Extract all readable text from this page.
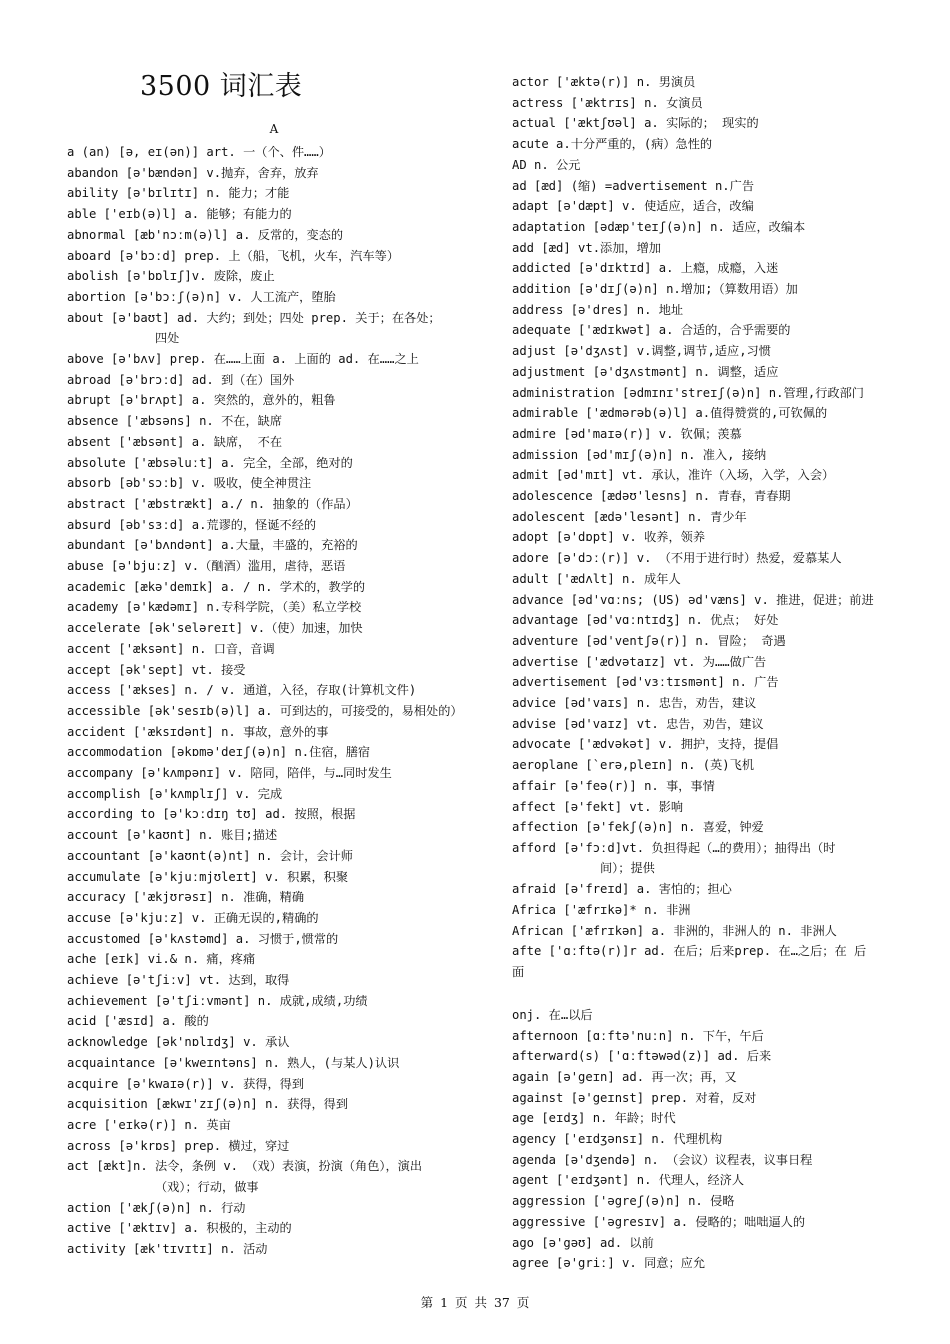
3500 词汇表
A
a (an) [ə, eɪ(ən)] art. 一（个、件……）
abandon [ə'bændən] v.抛弃，舍弃，放弃
ability [ə'bɪlɪtɪ] n. 能力；才能
able ['eɪb(ə)l] a. 能够；有能力的
abnormal [æb'nɔːm(ə)l] a. 反常的，变态的
aboard [ə'bɔːd] prep. 上（船，飞机，火车，汽车等）
abolish [ə'bɒlɪʃ]v. 废除，废止
abortion [ə'bɔːʃ(ə)n] v. 人工流产，堕胎
about [ə'baʊt] ad. 大约；到处；四处 prep. 关于；在各处；
四处
above [ə'bʌv] prep. 在……上面 a. 上面的 ad. 在……之上
abroad [ə'brɔːd] ad. 到（在）国外
abrupt [ə'brʌpt] a. 突然的，意外的，粗鲁
absence ['æbsəns] n. 不在，缺席
absent ['æbsənt] a. 缺席， 不在
absolute ['æbsəluːt] a. 完全，全部，绝对的
absorb [əb'sɔːb] v. 吸收，使全神贯注
abstract ['æbstrækt] a./ n. 抽象的（作品）
absurd [əb'sɜːd] a.荒谬的，怪诞不经的
abundant [ə'bʌndənt] a.大量，丰盛的，充裕的
abuse [ə'bjuːz] v.（酗酒）滥用，虐待，恶语
academic [ækə'demɪk] a. / n. 学术的，教学的
academy [ə'kædəmɪ] n.专科学院，（美）私立学校
accelerate [ək'seləreɪt] v.（使）加速，加快
accent ['æksənt] n. 口音，音调
accept [ək'sept] vt. 接受
access ['ækses] n. / v. 通道，入径，存取(计算机文件)
accessible [ək'sesɪb(ə)l] a. 可到达的，可接受的，易相处的）
accident ['æksɪdənt] n. 事故，意外的事
accommodation [əkɒmə'deɪʃ(ə)n] n.住宿，膳宿
accompany [ə'kʌmpənɪ] v. 陪同，陪伴，与…同时发生
accomplish [ə'kʌmplɪʃ] v. 完成
according to [ə'kɔːdɪŋ tʊ] ad. 按照，根据
account [ə'kaʊnt] n. 账目;描述
accountant [ə'kaʊnt(ə)nt] n. 会计，会计师
accumulate [ə'kjuːmjʊleɪt] v. 积累，积聚
accuracy ['ækjʊrəsɪ] n. 准确，精确
accuse [ə'kjuːz] v. 正确无误的,精确的
accustomed [ə'kʌstəmd] a. 习惯于,惯常的
ache [eɪk] vi.& n. 痛，疼痛
achieve [ə'tʃiːv] vt. 达到，取得
achievement [ə'tʃiːvmənt] n. 成就,成绩,功绩
acid ['æsɪd] a. 酸的
acknowledge [ək'nɒlɪdʒ] v. 承认
acquaintance [ə'kweɪntəns] n. 熟人，(与某人)认识
acquire [ə'kwaɪə(r)] v. 获得，得到
acquisition [ækwɪ'zɪʃ(ə)n] n. 获得，得到
acre ['eɪkə(r)] n. 英亩
across [ə'krɒs] prep. 横过，穿过
act [ækt]n. 法令，条例 v. （戏）表演，扮演（角色），演出
（戏）；行动，做事
action ['ækʃ(ə)n] n. 行动
active ['æktɪv] a. 积极的，主动的
activity [æk'tɪvɪtɪ] n. 活动
actor ['æktə(r)] n. 男演员
actress ['æktrɪs] n. 女演员
actual ['æktʃʊəl] a. 实际的； 现实的
acute a.十分严重的，(病）急性的
AD n. 公元
ad [æd] (缩) =advertisement n.广告
adapt [ə'dæpt] v. 使适应，适合，改编
adaptation [ədæp'teɪʃ(ə)n] n. 适应，改编本
add [æd] vt.添加，增加
addicted [ə'dɪktɪd] a. 上瘾，成瘾，入迷
addition [ə'dɪʃ(ə)n] n.增加;（算数用语）加
address [ə'dres] n. 地址
adequate ['ædɪkwət] a. 合适的，合乎需要的
adjust [ə'dʒʌst] v.调整,调节,适应,习惯
adjustment [ə'dʒʌstmənt] n. 调整，适应
administration [ədmɪnɪ'streɪʃ(ə)n] n.管理,行政部门
admirable ['ædmərəb(ə)l] a.值得赞赏的,可钦佩的
admire [əd'maɪə(r)] v. 钦佩；羡慕
admission [əd'mɪʃ(ə)n] n. 准入, 接纳
admit [əd'mɪt] vt. 承认，准许（入场，入学，入会）
adolescence [ædəʊ'lesns] n. 青春，青春期
adolescent [ædə'lesənt] n. 青少年
adopt [ə'dɒpt] v. 收养，领养
adore [ə'dɔː(r)] v. （不用于进行时）热爱，爱慕某人
adult ['ædʌlt] n. 成年人
advance [əd'vɑːns; (US) əd'væns] v. 推进，促进；前进
advantage [əd'vɑːntɪdʒ] n. 优点； 好处
adventure [əd'ventʃə(r)] n. 冒险； 奇遇
advertise ['ædvətaɪz] vt. 为……做广告
advertisement [əd'vɜːtɪsmənt] n. 广告
advice [əd'vaɪs] n. 忠告，劝告，建议
advise [əd'vaɪz] vt. 忠告，劝告，建议
advocate ['ædvəkət] v. 拥护，支持，提倡
aeroplane [`erə,pleɪn] n. (英)飞机
affair [ə'feə(r)] n. 事，事情
affect [ə'fekt] vt. 影响
affection [ə'fekʃ(ə)n] n. 喜爱，钟爱
afford [ə'fɔːd]vt. 负担得起（…的费用）；抽得出（时
间）；提供
afraid [ə'freɪd] a. 害怕的；担心
Africa ['æfrɪkə]* n. 非洲
African ['æfrɪkən] a. 非洲的，非洲人的 n. 非洲人
afte ['ɑːftə(r)]r ad. 在后；后来prep. 在…之后；在 后
面
onj. 在…以后
afternoon [ɑːftə'nuːn] n. 下午，午后
afterward(s) ['ɑːftəwəd(z)] ad. 后来
again [ə'geɪn] ad. 再一次；再，又
against [ə'geɪnst] prep. 对着，反对
age [eɪdʒ] n. 年龄；时代
agency ['eɪdʒənsɪ] n. 代理机构
agenda [ə'dʒendə] n. （会议）议程表，议事日程
agent ['eɪdʒənt] n. 代理人，经济人
aggression ['əgreʃ(ə)n] n. 侵略
aggressive ['əgresɪv] a. 侵略的；咄咄逼人的
ago [ə'gəʊ] ad. 以前
agree [ə'griː] v. 同意；应允
第 1 页 共 37 页
